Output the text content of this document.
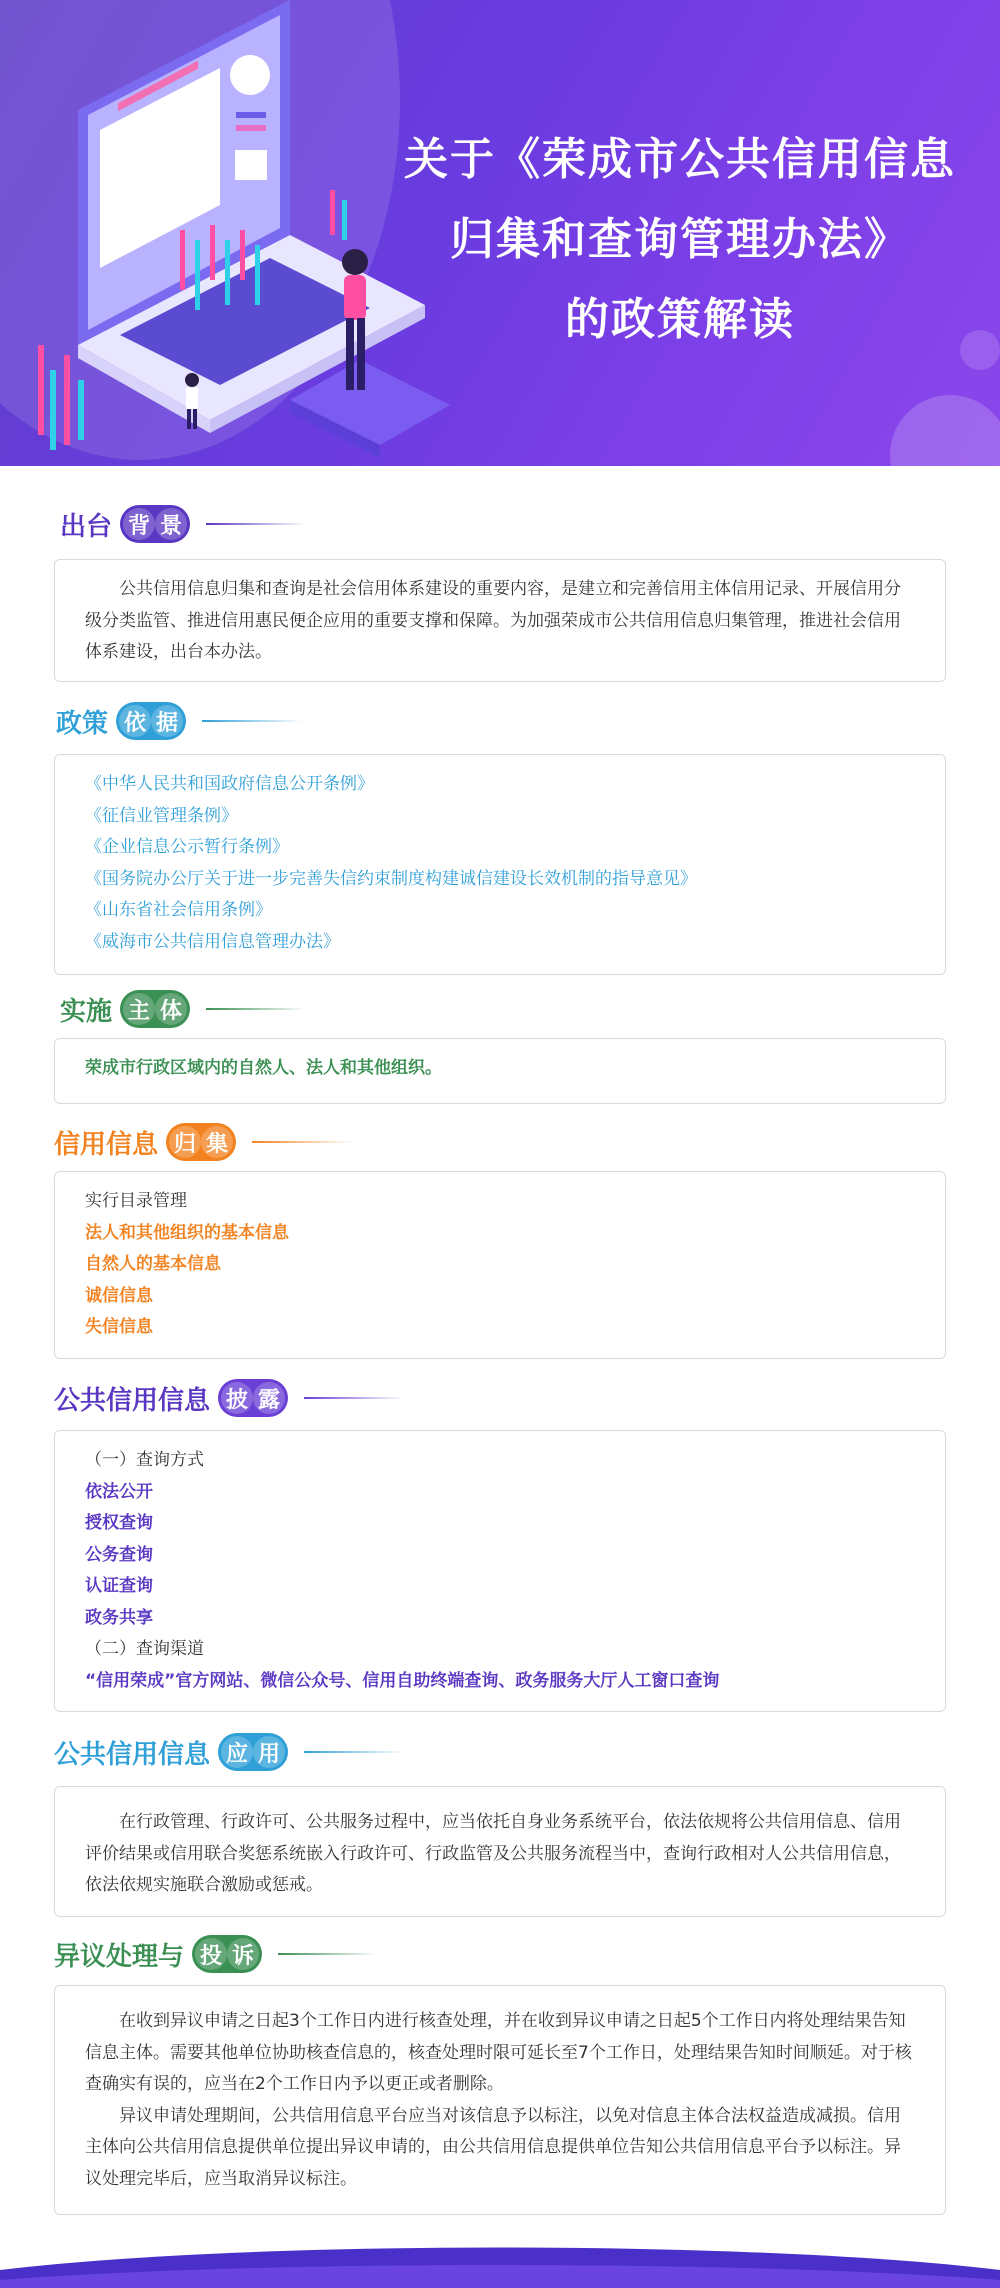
关于《荣成市公共信用信息
归集和查询管理办法》
的政策解读
出台 背 景

公共信用信息归集和查询是社会信用体系建设的重要内容，是建立和完善信用主体信用记录、开展信用分级分类监管、推进信用惠民便企应用的重要支撑和保障。为加强荣成市公共信用信息归集管理，推进社会信用体系建设，出台本办法。

政策 依 据

《中华人民共和国政府信息公开条例》

《征信业管理条例》

《企业信息公示暂行条例》

《国务院办公厅关于进一步完善失信约束制度构建诚信建设长效机制的指导意见》

《山东省社会信用条例》

《威海市公共信用信息管理办法》

实施 主 体

荣成市行政区域内的自然人、法人和其他组织。

信用信息 归 集

实行目录管理

法人和其他组织的基本信息

自然人的基本信息

诚信信息

失信信息

公共信用信息 披 露

（一）查询方式

依法公开

授权查询

公务查询

认证查询

政务共享

（二）查询渠道

“信用荣成”官方网站、微信公众号、信用自助终端查询、政务服务大厅人工窗口查询

公共信用信息 应 用

在行政管理、行政许可、公共服务过程中，应当依托自身业务系统平台，依法依规将公共信用信息、信用评价结果或信用联合奖惩系统嵌入行政许可、行政监管及公共服务流程当中，查询行政相对人公共信用信息，依法依规实施联合激励或惩戒。

异议处理与 投 诉

在收到异议申请之日起3个工作日内进行核查处理，并在收到异议申请之日起5个工作日内将处理结果告知信息主体。需要其他单位协助核查信息的，核查处理时限可延长至7个工作日，处理结果告知时间顺延。对于核查确实有误的，应当在2个工作日内予以更正或者删除。

异议申请处理期间，公共信用信息平台应当对该信息予以标注，以免对信息主体合法权益造成减损。信用主体向公共信用信息提供单位提出异议申请的，由公共信用信息提供单位告知公共信用信息平台予以标注。异议处理完毕后，应当取消异议标注。
